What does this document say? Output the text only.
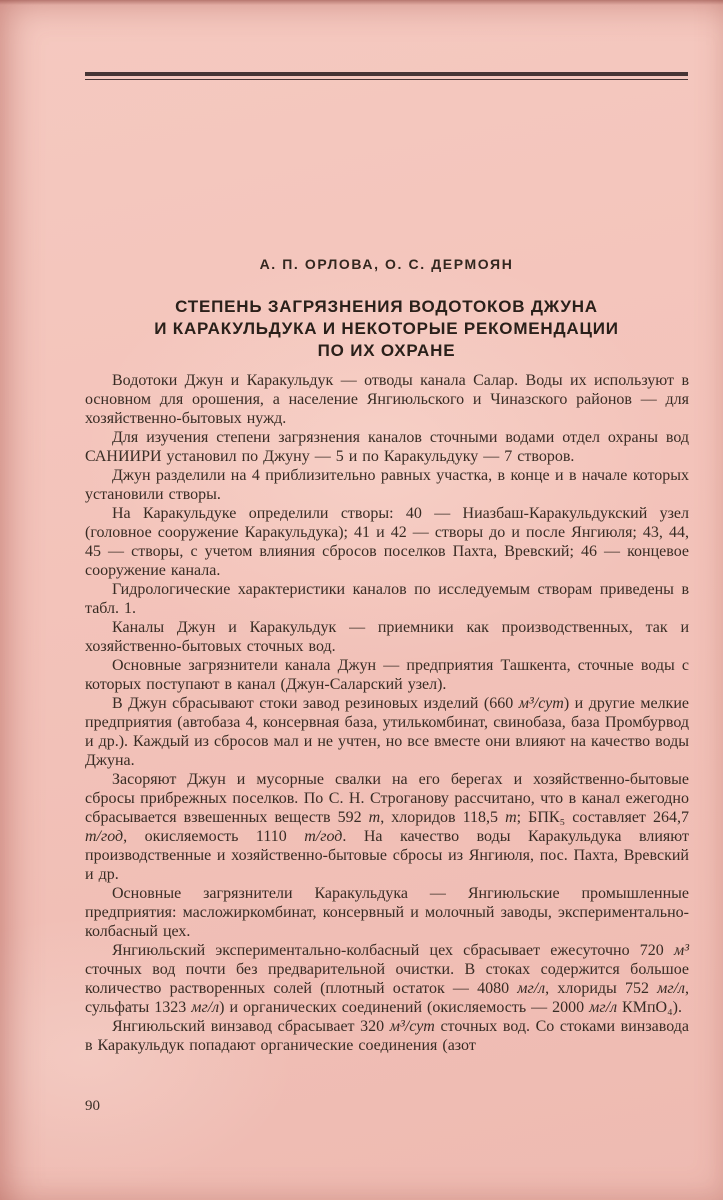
А. П. ОРЛОВА, О. С. ДЕРМОЯН
СТЕПЕНЬ ЗАГРЯЗНЕНИЯ ВОДОТОКОВ ДЖУНА
И КАРАКУЛЬДУКА И НЕКОТОРЫЕ РЕКОМЕНДАЦИИ
ПО ИХ ОХРАНЕ

Водотоки Джун и Каракульдук — отводы канала Салар. Воды их используют в основном для орошения, а население Янгиюльского и Чиназского районов — для хозяйственно-бытовых нужд.

Для изучения степени загрязнения каналов сточными водами отдел охраны вод САНИИРИ установил по Джуну — 5 и по Каракульдуку — 7 створов.

Джун разделили на 4 приблизительно равных участка, в конце и в начале которых установили створы.

На Каракульдуке определили створы: 40 — Ниазбаш-Каракульдукский узел (головное сооружение Каракульдука); 41 и 42 — створы до и после Янгиюля; 43, 44, 45 — створы, с учетом влияния сбросов поселков Пахта, Вревский; 46 — концевое сооружение канала.

Гидрологические характеристики каналов по исследуемым створам приведены в табл. 1.

Каналы Джун и Каракульдук — приемники как производственных, так и хозяйственно-бытовых сточных вод.

Основные загрязнители канала Джун — предприятия Ташкента, сточные воды с которых поступают в канал (Джун-Саларский узел).

В Джун сбрасывают стоки завод резиновых изделий (660 м³/сут) и другие мелкие предприятия (автобаза 4, консервная база, утилькомбинат, свинобаза, база Промбурвод и др.). Каждый из сбросов мал и не учтен, но все вместе они влияют на качество воды Джуна.

Засоряют Джун и мусорные свалки на его берегах и хозяйственно-бытовые сбросы прибрежных поселков. По С. Н. Строганову рассчитано, что в канал ежегодно сбрасывается взвешенных веществ 592 т, хлоридов 118,5 т; БПК₅ составляет 264,7 т/год, окисляемость 1110 т/год. На качество воды Каракульдука влияют производственные и хозяйственно-бытовые сбросы из Янгиюля, пос. Пахта, Вревский и др.

Основные загрязнители Каракульдука — Янгиюльские промышленные предприятия: масложиркомбинат, консервный и молочный заводы, экспериментально-колбасный цех.

Янгиюльский экспериментально-колбасный цех сбрасывает ежесуточно 720 м³ сточных вод почти без предварительной очистки. В стоках содержится большое количество растворенных солей (плотный остаток — 4080 мг/л, хлориды 752 мг/л, сульфаты 1323 мг/л) и органических соединений (окисляемость — 2000 мг/л КМпО₄).

Янгиюльский винзавод сбрасывает 320 м³/сут сточных вод. Со стоками винзавода в Каракульдук попадают органические соединения (азот

90
